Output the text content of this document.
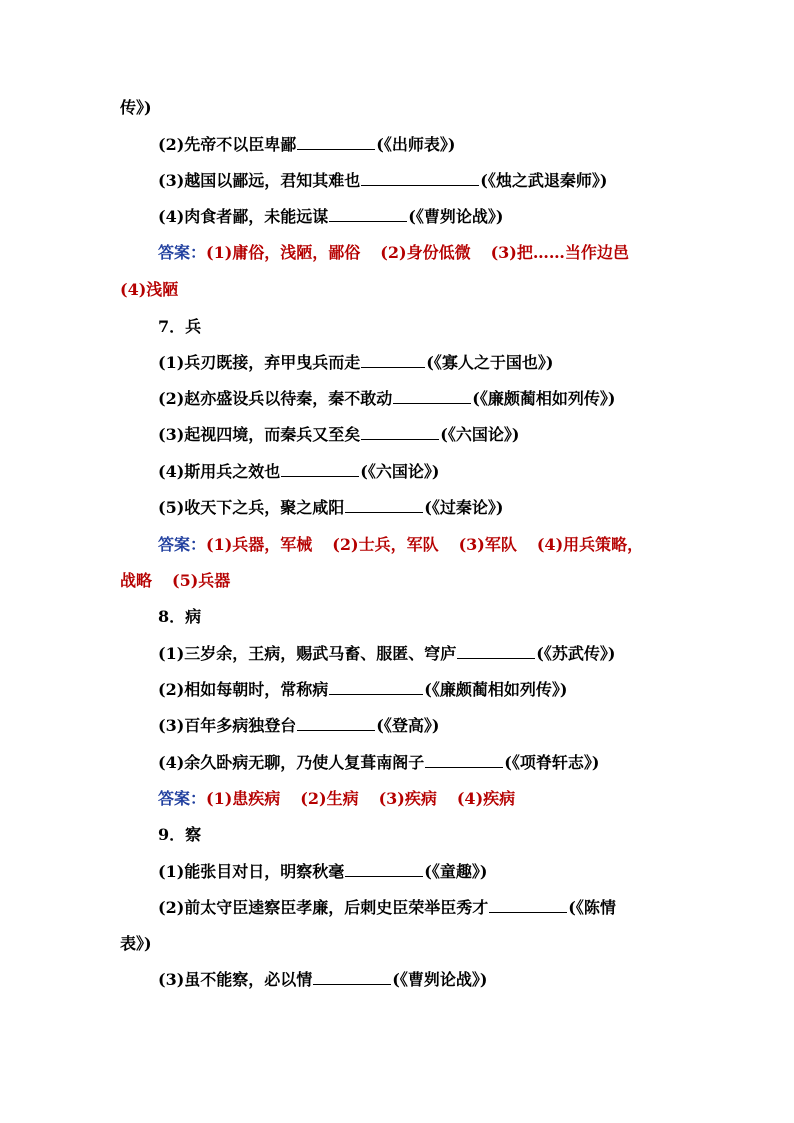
传》)
(2)先帝不以臣卑鄙	(《出师表》)
(3)越国以鄙远，君知其难也	(《烛之武退秦师》)
(4)肉食者鄙，未能远谋	(《曹刿论战》)
答案：(1)庸俗，浅陋，鄙俗 (2)身份低微 (3)把……当作边邑
(4)浅陋
7．兵
(1)兵刃既接，弃甲曳兵而走	(《寡人之于国也》)
(2)赵亦盛设兵以待秦，秦不敢动	(《廉颇蔺相如列传》)
(3)起视四境，而秦兵又至矣	(《六国论》)
(4)斯用兵之效也	(《六国论》)
(5)收天下之兵，聚之咸阳	(《过秦论》)
答案：(1)兵器，军械 (2)士兵，军队 (3)军队 (4)用兵策略，
战略 (5)兵器
8．病
(1)三岁余，王病，赐武马畜、服匿、穹庐	(《苏武传》)
(2)相如每朝时，常称病	(《廉颇蔺相如列传》)
(3)百年多病独登台	(《登高》)
(4)余久卧病无聊，乃使人复葺南阁子	(《项脊轩志》)
答案：(1)患疾病 (2)生病 (3)疾病 (4)疾病
9．察
(1)能张目对日，明察秋毫	(《童趣》)
(2)前太守臣逵察臣孝廉，后刺史臣荣举臣秀才	(《陈情
表》)
(3)虽不能察，必以情	(《曹刿论战》)
